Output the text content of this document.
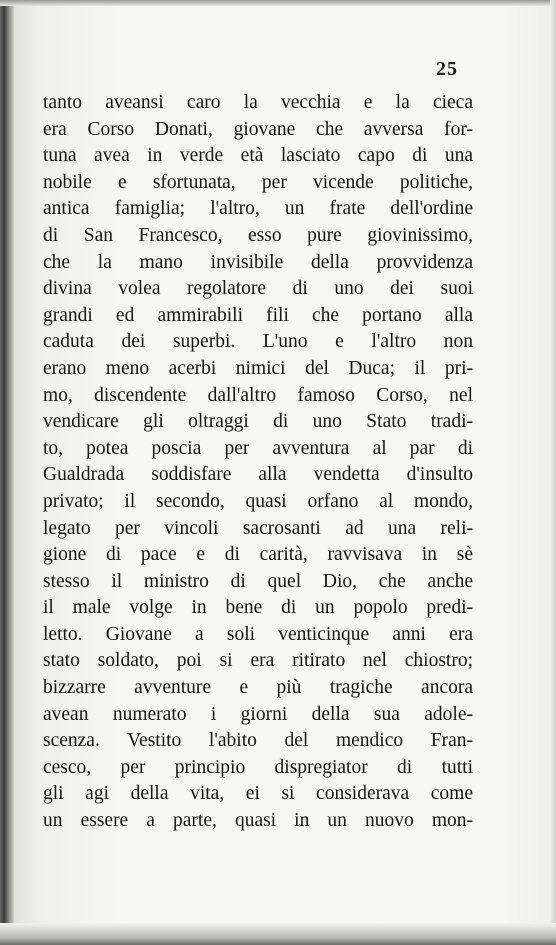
25
tanto aveansi caro la vecchia e la cieca
era Corso Donati, giovane che avversa for-
tuna avea in verde età lasciato capo di una
nobile e sfortunata, per vicende politiche,
antica famiglia; l'altro, un frate dell'ordine
di San Francesco, esso pure giovinissimo,
che la mano invisibile della provvidenza
divina volea regolatore di uno dei suoi
grandi ed ammirabili fili che portano alla
caduta dei superbi. L'uno e l'altro non
erano meno acerbi nimici del Duca; il pri-
mo, discendente dall'altro famoso Corso, nel
vendicare gli oltraggi di uno Stato tradi-
to, potea poscia per avventura al par di
Gualdrada soddisfare alla vendetta d'insulto
privato; il secondo, quasi orfano al mondo,
legato per vincoli sacrosanti ad una reli-
gione di pace e di carità, ravvisava in sè
stesso il ministro di quel Dio, che anche
il male volge in bene di un popolo predi-
letto. Giovane a soli venticinque anni era
stato soldato, poi si era ritirato nel chiostro;
bizzarre avventure e più tragiche ancora
avean numerato i giorni della sua adole-
scenza. Vestito l'abito del mendico Fran-
cesco, per principio dispregiator di tutti
gli agi della vita, ei si considerava come
un essere a parte, quasi in un nuovo mon-
